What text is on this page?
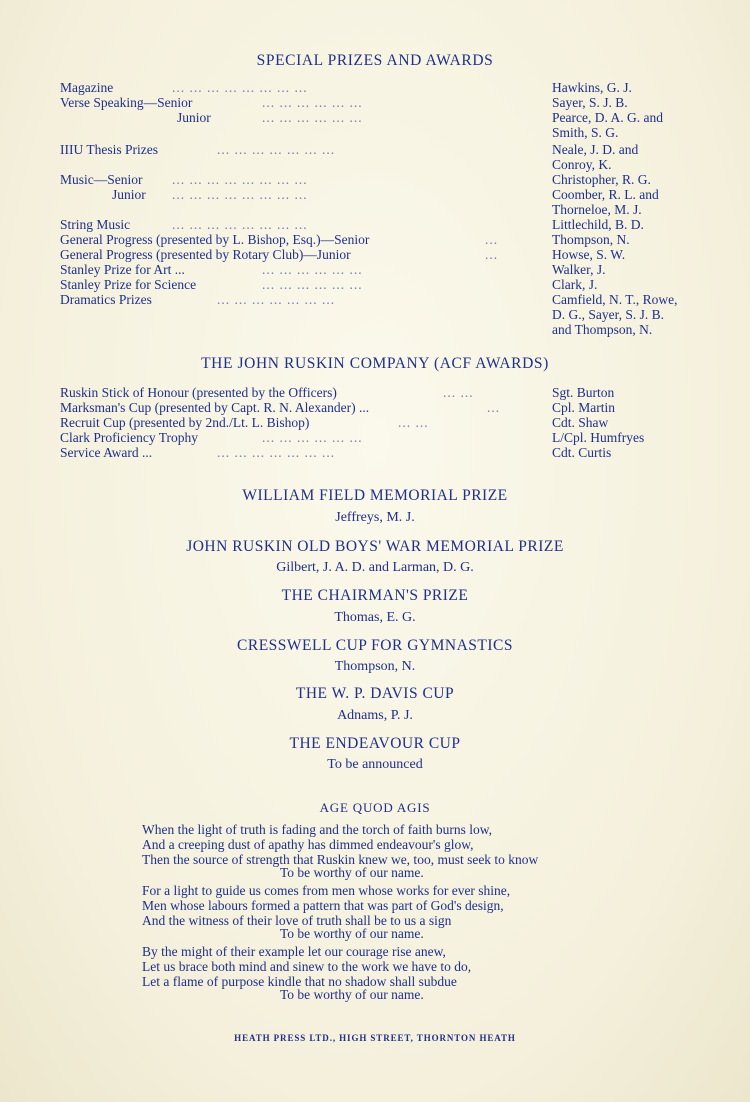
SPECIAL PRIZES AND AWARDS
Magazine	... ... ... ... ... ... ... ...	Hawkins, G. J.
Verse Speaking—Senior	... ... ... ... ... ...	Sayer, S. J. B.
Junior	... ... ... ... ... ...	Pearce, D. A. G. and
Smith, S. G.
IIIU Thesis Prizes	... ... ... ... ... ... ...	Neale, J. D. and
Conroy, K.
Music—Senior ... ... ... ... ... ... ... ...	Christopher, R. G.
Junior ... ... ... ... ... ... ... ...	Coomber, R. L. and
Thorneloe, M. J.
String Music	... ... ... ... ... ... ... ...	Littlechild, B. D.
General Progress (presented by L. Bishop, Esq.)—Senior	...	Thompson, N.
General Progress (presented by Rotary Club)—Junior	...	Howse, S. W.
Stanley Prize for Art ...	... ... ... ... ... ...	Walker, J.
Stanley Prize for Science	... ... ... ... ... ...	Clark, J.
Dramatics Prizes	... ... ... ... ... ... ...	Camfield, N. T., Rowe,
D. G., Sayer, S. J. B.
and Thompson, N.
THE JOHN RUSKIN COMPANY (ACF AWARDS)
Ruskin Stick of Honour (presented by the Officers)	... ...	Sgt. Burton
Marksman's Cup (presented by Capt. R. N. Alexander) ...	...	Cpl. Martin
Recruit Cup (presented by 2nd./Lt. L. Bishop)	... ...	Cdt. Shaw
Clark Proficiency Trophy	... ... ... ... ... ...	L/Cpl. Humfryes
Service Award ...	... ... ... ... ... ... ...	Cdt. Curtis
WILLIAM FIELD MEMORIAL PRIZE
Jeffreys, M. J.
JOHN RUSKIN OLD BOYS' WAR MEMORIAL PRIZE
Gilbert, J. A. D. and Larman, D. G.
THE CHAIRMAN'S PRIZE
Thomas, E. G.
CRESSWELL CUP FOR GYMNASTICS
Thompson, N.
THE W. P. DAVIS CUP
Adnams, P. J.
THE ENDEAVOUR CUP
To be announced
AGE QUOD AGIS
When the light of truth is fading and the torch of faith burns low,
And a creeping dust of apathy has dimmed endeavour's glow,
Then the source of strength that Ruskin knew we, too, must seek to know
To be worthy of our name.
For a light to guide us comes from men whose works for ever shine,
Men whose labours formed a pattern that was part of God's design,
And the witness of their love of truth shall be to us a sign
To be worthy of our name.
By the might of their example let our courage rise anew,
Let us brace both mind and sinew to the work we have to do,
Let a flame of purpose kindle that no shadow shall subdue
To be worthy of our name.
HEATH PRESS LTD., HIGH STREET, THORNTON HEATH
